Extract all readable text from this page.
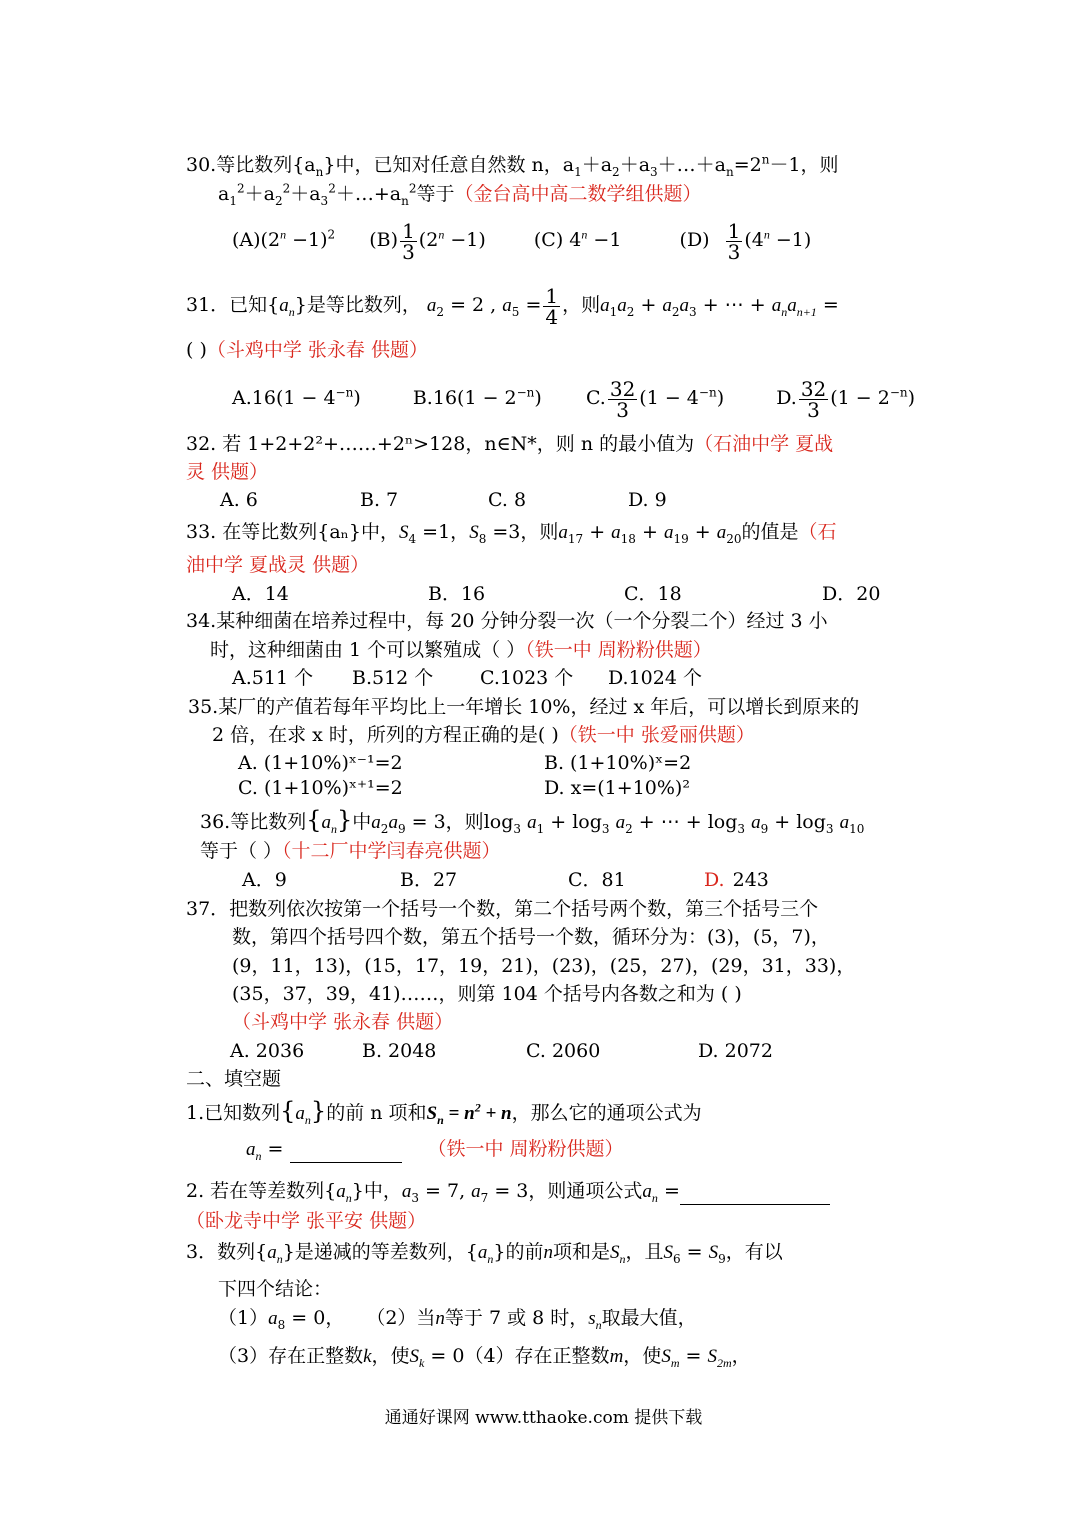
30.等比数列$\{a_n\}$中，已知对任意自然数 n，$a_1+a_2+a_3+\dots+a_n=2^n-1$，则
$a_1^2+a_2^2+a_3^2+\dots+a_n^2$等于（金台高中高二数学组供题）
$(A)(2^n -1)^2$ $(B) \frac{1}{3} (2^n -1)$	(C) $4^n -1$	$(D) \frac{1}{3} (4^n -1)$
31．已知$\{a_n\}$是等比数列， $a_2 = 2$ , $a_5 = \frac{1}{4}$ ，则$a_1a_2 + a_2a_3$ + ⋯ + $a_na_{n+1}$ =
( )（斗鸡中学 张永春 供题）
$A.16(1 - 4^{-n})$	$B.16(1 - 2^{-n})$ C. $\frac{32}{3} (1 - 4^{-n})$	D. $\frac{32}{3} (1 - 2^{-n})$
32. 若 1+2+2²+……+2ⁿ>128，n∈N*，则 n 的最小值为（石油中学 夏战
灵 供题）
A. 6	B. 7	C. 8	D. 9
33. 在等比数列{aₙ}中，$S_4 =1$，$S_8 =3$，则$a_{17} + a_{18} + a_{19} + a_{20}$的值是（石
油中学 夏战灵 供题）
A．14	B．16	C．18	D．20
34.某种细菌在培养过程中，每 20 分钟分裂一次（一个分裂二个）经过 3 小
时，这种细菌由 1 个可以繁殖成（ ）（铁一中 周粉粉供题）
A.511 个 B.512 个 C.1023 个 D.1024 个
35.某厂的产值若每年平均比上一年增长 10%，经过 x 年后，可以增长到原来的
2 倍，在求 x 时，所列的方程正确的是( )（铁一中 张爱丽供题）
A. (1+10%)ˣ⁻¹=2	B. (1+10%)ˣ=2
C. (1+10%)ˣ⁺¹=2	D. x=(1+10%)²
36.等比数列$\{a_n\}$中$a_2a_9 = 3$，则$\log_3 a_1 + \log_3 a_2$ + ⋯ + $\log_3 a_9 + \log_3 a_{10}$
等于（ ）（十二厂中学闫春亮供题）
A．9	B．27	C．81	D. 243
37．把数列依次按第一个括号一个数，第二个括号两个数，第三个括号三个
数，第四个括号四个数，第五个括号一个数，循环分为：(3)，(5，7)，
(9，11，13)，(15，17，19，21)，(23)，(25，27)，(29，31，33)，
(35，37，39，41)……，则第 104 个括号内各数之和为 ( )
（斗鸡中学 张永春 供题）
A. 2036	B. 2048	C. 2060	D. 2072
二、填空题
1.已知数列$\{a_n\}$的前 n 项和$S_n = n^2 + n$，那么它的通项公式为
$a_n$ =	（铁一中 周粉粉供题）
2. 若在等差数列$\{a_n\}$中，$a_3 = 7$, $a_7 = 3$，则通项公式$a_n$ =
（卧龙寺中学 张平安 供题）
3．数列$\{a_n\}$是递减的等差数列，$\{a_n\}$的前n项和是$S_n$，且$S_6 = S_9$，有以
下四个结论：
$(1)a_8 = 0$， （2）当n等于 7 或 8 时，$s_n$取最大值，
（3）存在正整数k，使$S_k = 0(4)$存在正整数m，使$S_m = S_{2m}$，
通通好课网 www.tthaoke.com 提供下载
